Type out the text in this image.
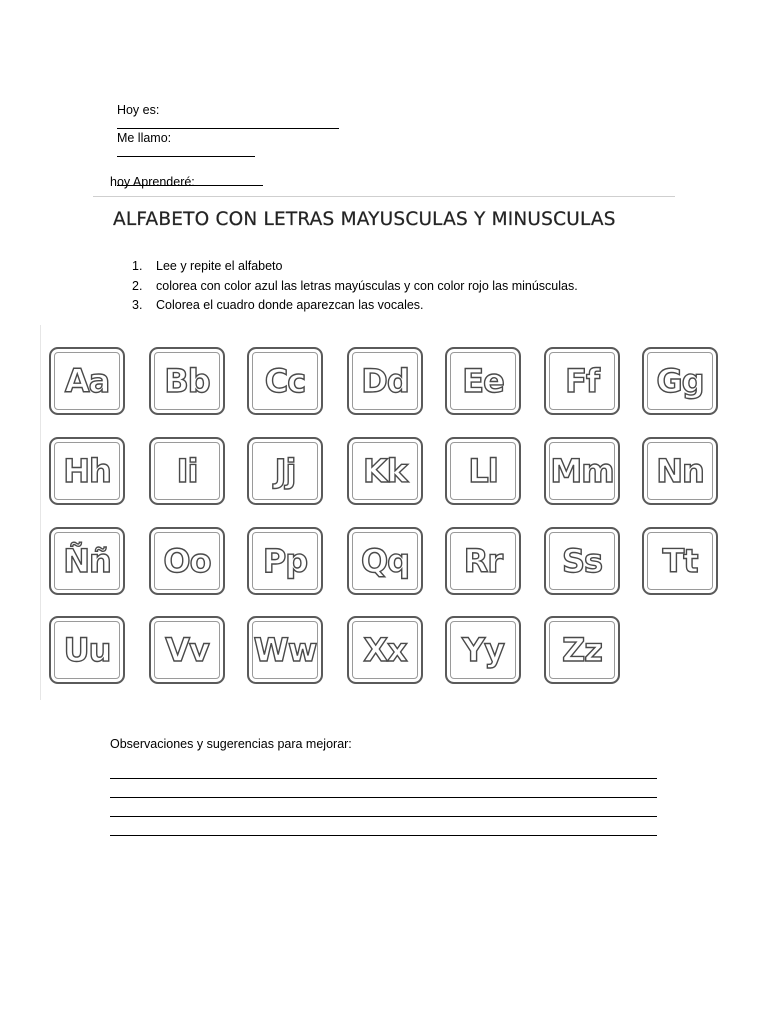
Hoy es:

Me llamo:

hoy Aprenderé:
ALFABETO CON LETRAS MAYUSCULAS Y MINUSCULAS
1. Lee y repite el alfabeto
2. colorea con color azul las letras mayúsculas y con color rojo las minúsculas.
3. Colorea el cuadro donde aparezcan las vocales.
Aa Bb Cc Dd Ee Ff Gg
Hh Ii Jj Kk Ll Mm Nn
Ññ Oo Pp Qq Rr Ss Tt
Uu Vv Ww Xx Yy Zz
Observaciones y sugerencias para mejorar:
